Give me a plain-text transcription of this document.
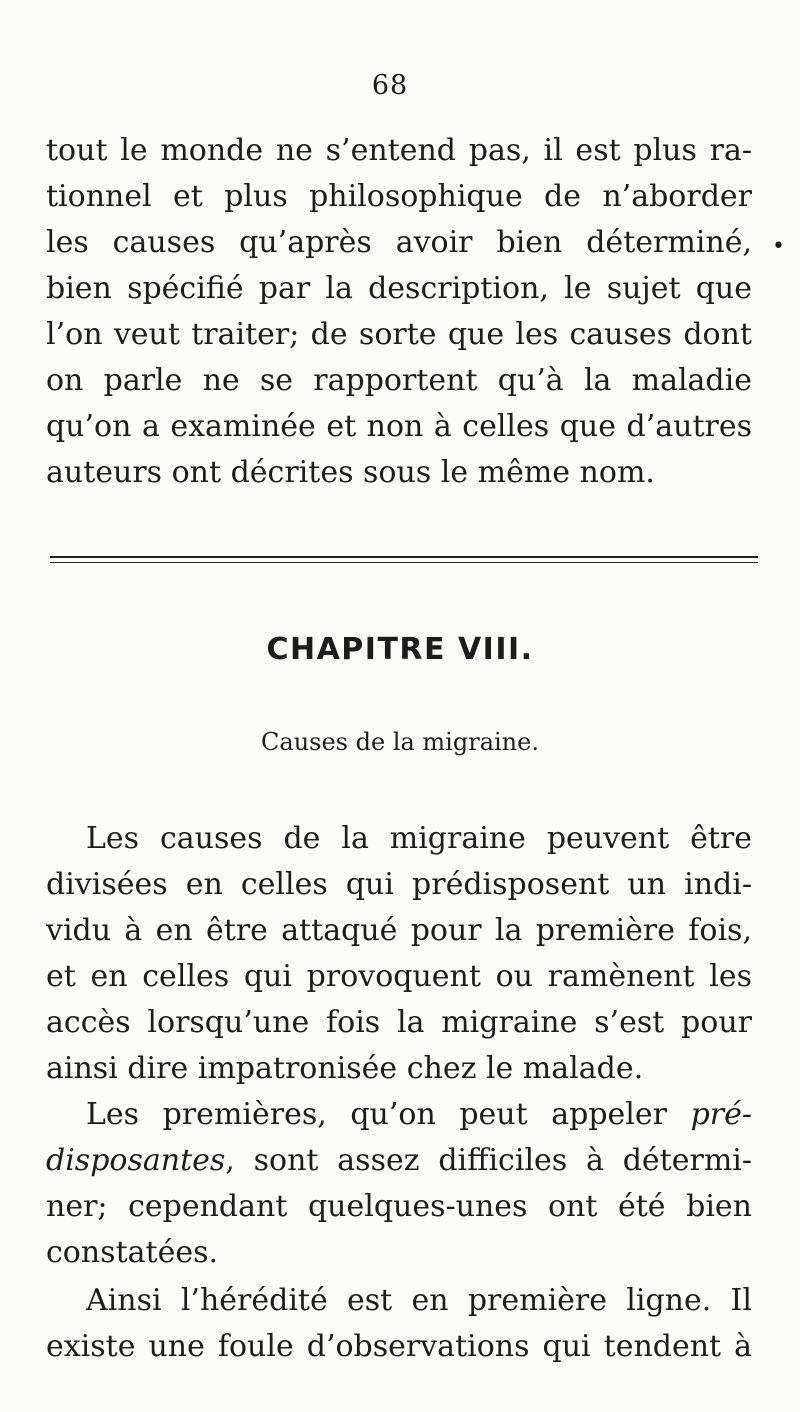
68
tout le monde ne s’entend pas, il est plus ra-
tionnel et plus philosophique de n’aborder
les causes qu’après avoir bien déterminé,
bien spécifié par la description, le sujet que
l’on veut traiter; de sorte que les causes dont
on parle ne se rapportent qu’à la maladie
qu’on a examinée et non à celles que d’autres
auteurs ont décrites sous le même nom.
•
CHAPITRE VIII.
Causes de la migraine.
Les causes de la migraine peuvent être
divisées en celles qui prédisposent un indi-
vidu à en être attaqué pour la première fois,
et en celles qui provoquent ou ramènent les
accès lorsqu’une fois la migraine s’est pour
ainsi dire impatronisée chez le malade.
Les premières, qu’on peut appeler pré-
disposantes, sont assez difficiles à détermi-
ner; cependant quelques-unes ont été bien
constatées.
Ainsi l’hérédité est en première ligne. Il
existe une foule d’observations qui tendent à
